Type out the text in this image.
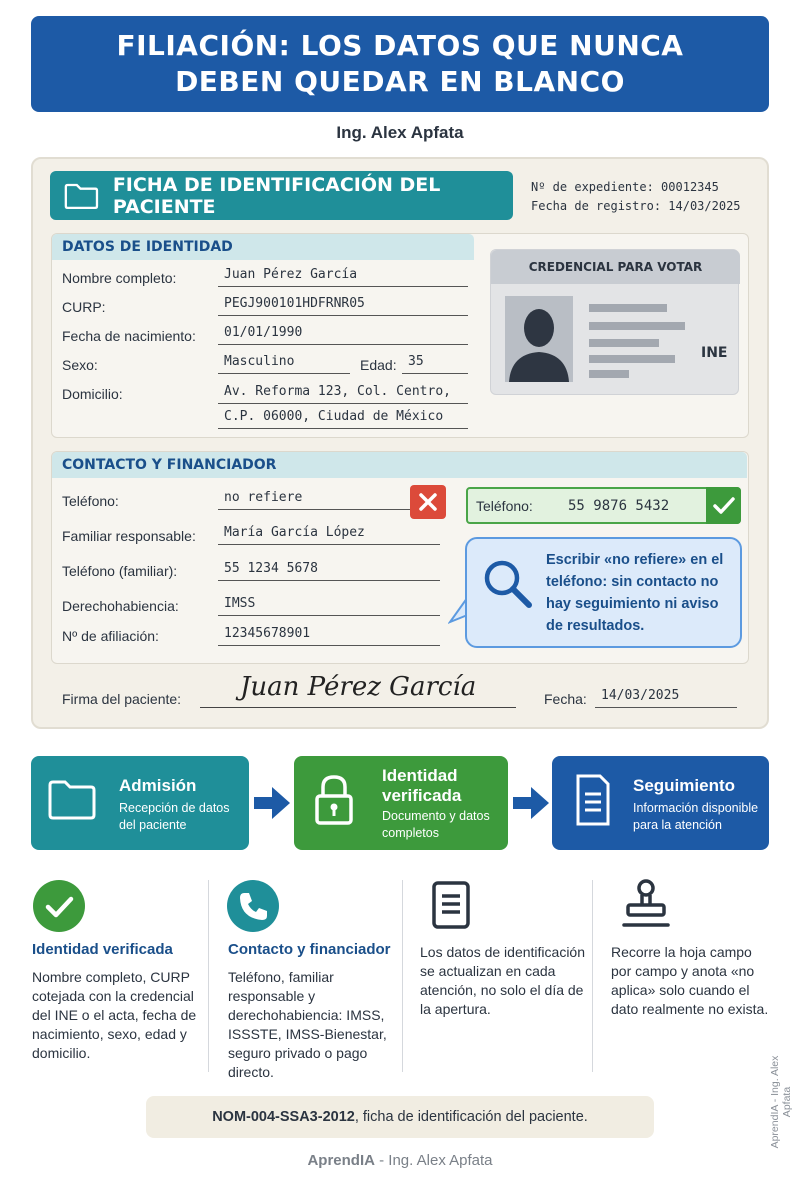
FILIACIÓN: LOS DATOS QUE NUNCA
DEBEN QUEDAR EN BLANCO
Ing. Alex Apfata
FICHA DE IDENTIFICACIÓN DEL PACIENTE
Nº de expediente: 00012345
Fecha de registro: 14/03/2025
DATOS DE IDENTIDAD
Nombre completo:	Juan Pérez García
CURP:	PEGJ900101HDFRNR05
Fecha de nacimiento:	01/01/1990
Sexo:	Masculino	Edad: 35
Domicilio:	Av. Reforma 123, Col. Centro,
C.P. 06000, Ciudad de México
CREDENCIAL PARA VOTAR
INE
CONTACTO Y FINANCIADOR
Teléfono:	no refiere
Familiar responsable:	María García López
Teléfono (familiar):	55 1234 5678
Derechohabiencia:	IMSS
Nº de afiliación:	12345678901
Teléfono:	55 9876 5432
Escribir «no refiere» en el teléfono: sin contacto no hay seguimiento ni aviso de resultados.
Firma del paciente: Juan Pérez García	Fecha:	14/03/2025
Admisión
Recepción de datos del paciente
Identidad verificada
Documento y datos completos
Seguimiento
Información disponible para la atención
Identidad verificada
Nombre completo, CURP cotejada con la credencial del INE o el acta, fecha de nacimiento, sexo, edad y domicilio.
Contacto y financiador
Teléfono, familiar responsable y derechohabiencia: IMSS, ISSSTE, IMSS-Bienestar, seguro privado o pago directo.
Los datos de identificación se actualizan en cada atención, no solo el día de la apertura.
Recorre la hoja campo por campo y anota «no aplica» solo cuando el dato realmente no exista.
NOM-004-SSA3-2012, ficha de identificación del paciente.
AprendIA - Ing. Alex Apfata
AprendIA - Ing. Alex Apfata
